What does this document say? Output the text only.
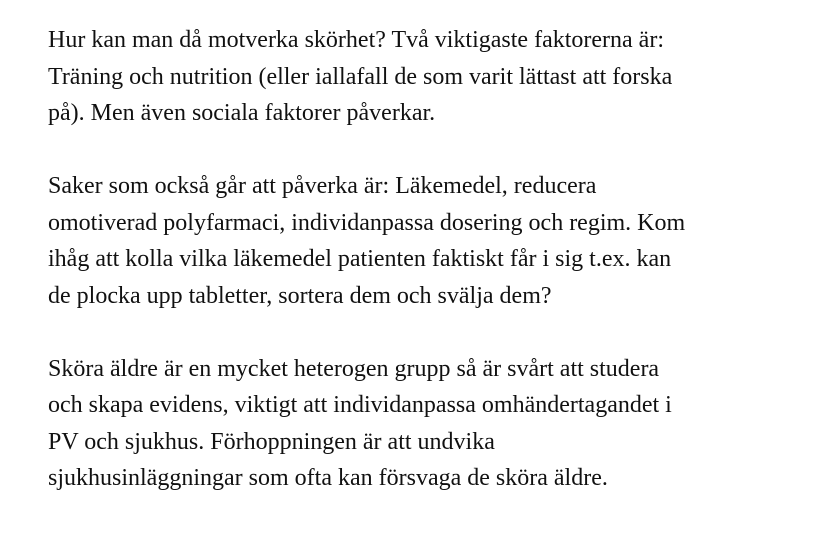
Hur kan man då motverka skörhet? Två viktigaste faktorerna är:
Träning och nutrition (eller iallafall de som varit lättast att forska
på). Men även sociala faktorer påverkar.

Saker som också går att påverka är: Läkemedel, reducera
omotiverad polyfarmaci, individanpassa dosering och regim. Kom
ihåg att kolla vilka läkemedel patienten faktiskt får i sig t.ex. kan
de plocka upp tabletter, sortera dem och svälja dem?

Sköra äldre är en mycket heterogen grupp så är svårt att studera
och skapa evidens, viktigt att individanpassa omhändertagandet i
PV och sjukhus. Förhoppningen är att undvika
sjukhusinläggningar som ofta kan försvaga de sköra äldre.
